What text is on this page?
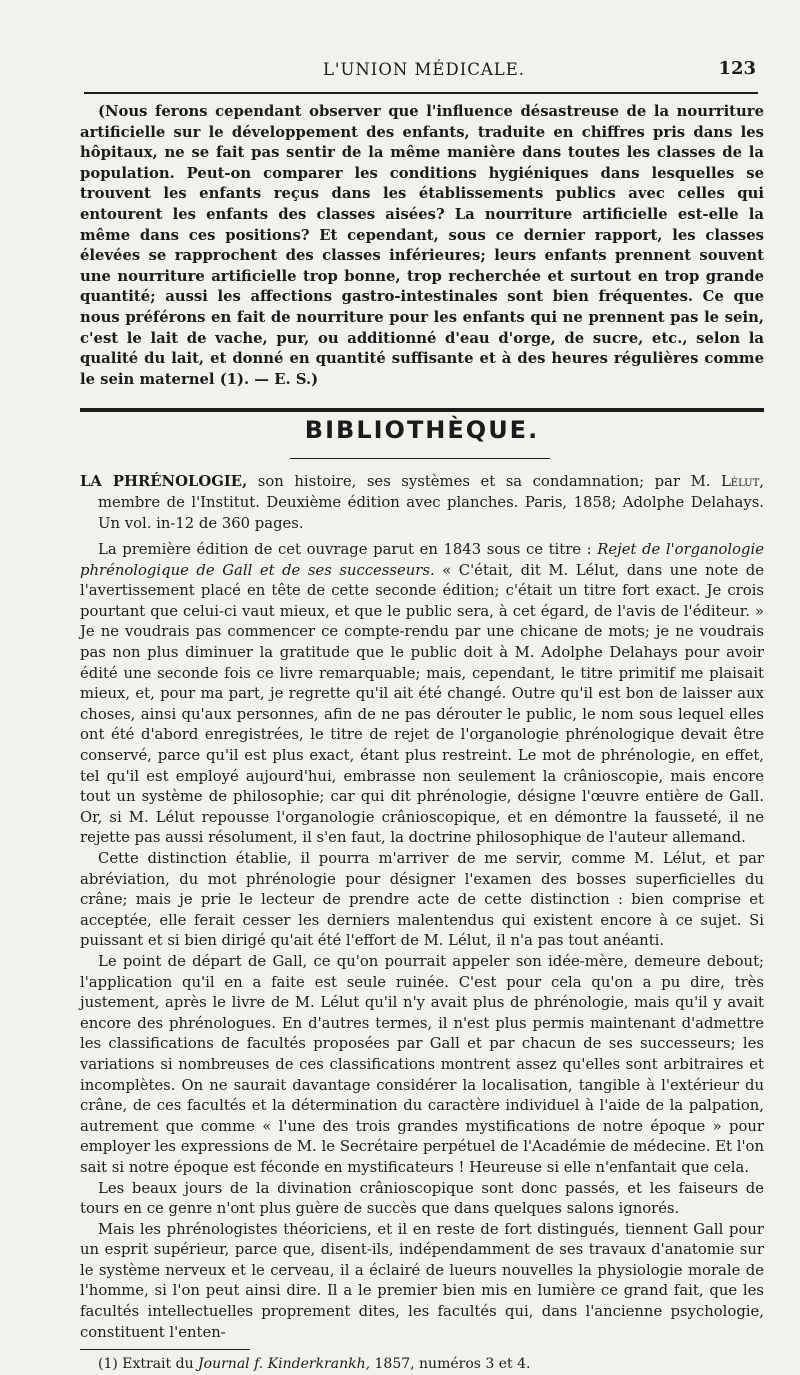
L'UNION MÉDICALE.	123

(Nous ferons cependant observer que l'influence désastreuse de la nourriture artificielle sur le développement des enfants, traduite en chiffres pris dans les hôpitaux, ne se fait pas sentir de la même manière dans toutes les classes de la population. Peut-on comparer les conditions hygiéniques dans lesquelles se trouvent les enfants reçus dans les établissements publics avec celles qui entourent les enfants des classes aisées? La nourriture artificielle est-elle la même dans ces positions? Et cependant, sous ce dernier rapport, les classes élevées se rapprochent des classes inférieures; leurs enfants prennent souvent une nourriture artificielle trop bonne, trop recherchée et surtout en trop grande quantité; aussi les affections gastro-intestinales sont bien fréquentes. Ce que nous préférons en fait de nourriture pour les enfants qui ne prennent pas le sein, c'est le lait de vache, pur, ou additionné d'eau d'orge, de sucre, etc., selon la qualité du lait, et donné en quantité suffisante et à des heures régulières comme le sein maternel (1). — E. S.)

BIBLIOTHÈQUE.

LA PHRÉNOLOGIE, son histoire, ses systèmes et sa condamnation; par M. Lélut, membre de l'Institut. Deuxième édition avec planches. Paris, 1858; Adolphe Delahays. Un vol. in-12 de 360 pages.

La première édition de cet ouvrage parut en 1843 sous ce titre : Rejet de l'organologie phrénologique de Gall et de ses successeurs. « C'était, dit M. Lélut, dans une note de l'avertissement placé en tête de cette seconde édition; c'était un titre fort exact. Je crois pourtant que celui-ci vaut mieux, et que le public sera, à cet égard, de l'avis de l'éditeur. » Je ne voudrais pas commencer ce compte-rendu par une chicane de mots; je ne voudrais pas non plus diminuer la gratitude que le public doit à M. Adolphe Delahays pour avoir édité une seconde fois ce livre remarquable; mais, cependant, le titre primitif me plaisait mieux, et, pour ma part, je regrette qu'il ait été changé. Outre qu'il est bon de laisser aux choses, ainsi qu'aux personnes, afin de ne pas dérouter le public, le nom sous lequel elles ont été d'abord enregistrées, le titre de rejet de l'organologie phrénologique devait être conservé, parce qu'il est plus exact, étant plus restreint. Le mot de phrénologie, en effet, tel qu'il est employé aujourd'hui, embrasse non seulement la crânioscopie, mais encore tout un système de philosophie; car qui dit phrénologie, désigne l'œuvre entière de Gall. Or, si M. Lélut repousse l'organologie crânioscopique, et en démontre la fausseté, il ne rejette pas aussi résolument, il s'en faut, la doctrine philosophique de l'auteur allemand.

Cette distinction établie, il pourra m'arriver de me servir, comme M. Lélut, et par abréviation, du mot phrénologie pour désigner l'examen des bosses superficielles du crâne; mais je prie le lecteur de prendre acte de cette distinction : bien comprise et acceptée, elle ferait cesser les derniers malentendus qui existent encore à ce sujet. Si puissant et si bien dirigé qu'ait été l'effort de M. Lélut, il n'a pas tout anéanti.

Le point de départ de Gall, ce qu'on pourrait appeler son idée-mère, demeure debout; l'application qu'il en a faite est seule ruinée. C'est pour cela qu'on a pu dire, très justement, après le livre de M. Lélut qu'il n'y avait plus de phrénologie, mais qu'il y avait encore des phrénologues. En d'autres termes, il n'est plus permis maintenant d'admettre les classifications de facultés proposées par Gall et par chacun de ses successeurs; les variations si nombreuses de ces classifications montrent assez qu'elles sont arbitraires et incomplètes. On ne saurait davantage considérer la localisation, tangible à l'extérieur du crâne, de ces facultés et la détermination du caractère individuel à l'aide de la palpation, autrement que comme « l'une des trois grandes mystifications de notre époque » pour employer les expressions de M. le Secrétaire perpétuel de l'Académie de médecine. Et l'on sait si notre époque est féconde en mystificateurs ! Heureuse si elle n'enfantait que cela.

Les beaux jours de la divination crânioscopique sont donc passés, et les faiseurs de tours en ce genre n'ont plus guère de succès que dans quelques salons ignorés.

Mais les phrénologistes théoriciens, et il en reste de fort distingués, tiennent Gall pour un esprit supérieur, parce que, disent-ils, indépendamment de ses travaux d'anatomie sur le système nerveux et le cerveau, il a éclairé de lueurs nouvelles la physiologie morale de l'homme, si l'on peut ainsi dire. Il a le premier bien mis en lumière ce grand fait, que les facultés intellectuelles proprement dites, les facultés qui, dans l'ancienne psychologie, constituent l'enten-

(1) Extrait du Journal f. Kinderkrankh, 1857, numéros 3 et 4.
